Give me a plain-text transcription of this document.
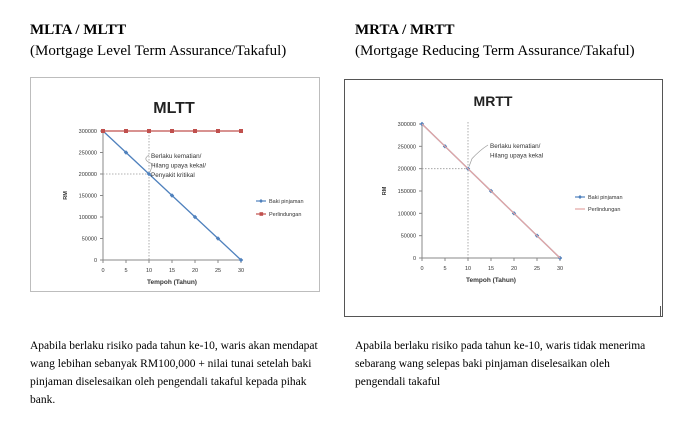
MLTA / MLTT
(Mortgage Level Term Assurance/Takaful)
MRTA / MRTT
(Mortgage Reducing Term Assurance/Takaful)
MLTT
0
50000
100000
150000
200000
250000
300000
0	5	10	15	20	25	30
RM
Tempoh (Tahun)
Baki pinjaman
Perlindungan
Berlaku kematian/
Hilang upaya kekal/
Penyakit kritikal
MRTT
0
50000
100000
150000
200000
250000
300000
0	5	10	15	20	25	30
RM
Tempoh (Tahun)
Baki pinjaman
Perlindungan
Berlaku kematian/
Hilang upaya kekal
Apabila berlaku risiko pada tahun ke-10, waris akan mendapat wang lebihan sebanyak RM100,000 + nilai tunai setelah baki pinjaman diselesaikan oleh pengendali takaful kepada pihak bank.
Apabila berlaku risiko pada tahun ke-10, waris tidak menerima sebarang wang selepas baki pinjaman diselesaikan oleh pengendali takaful
